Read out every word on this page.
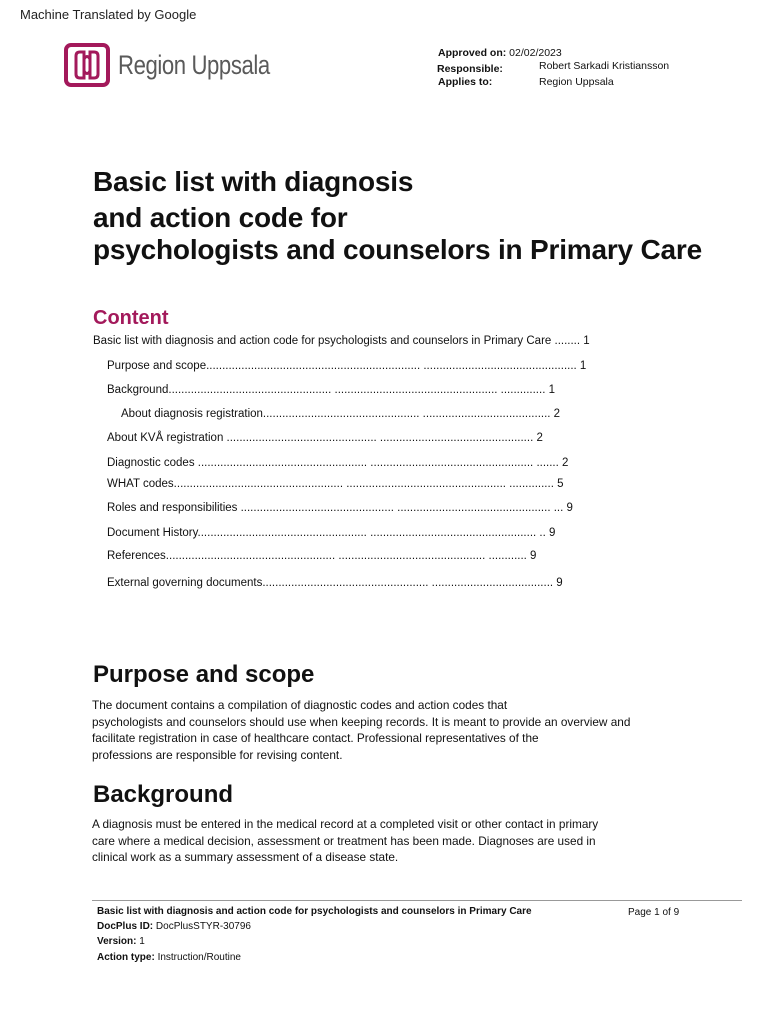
Machine Translated by Google
Region Uppsala	Approved on: 02/02/2023
Responsible:	Robert Sarkadi Kristiansson
Applies to:	Region Uppsala
Basic list with diagnosis
and action code for
psychologists and counselors in Primary Care
Content
Basic list with diagnosis and action code for psychologists and counselors in Primary Care ........ 1
Purpose and scope................................................................... ................................................ 1
Background................................................... ................................................... .............. 1
About diagnosis registration................................................. ........................................ 2
About KVÅ registration ............................................... ................................................ 2
Diagnostic codes ..................................................... ................................................... ....... 2
WHAT codes..................................................... .................................................. .............. 5
Roles and responsibilities ................................................ ................................................ ... 9
Document History..................................................... .................................................... .. 9
References..................................................... .............................................. ............ 9
External governing documents.................................................... ...................................... 9
Purpose and scope
The document contains a compilation of diagnostic codes and action codes that
psychologists and counselors should use when keeping records. It is meant to provide an overview and
facilitate registration in case of healthcare contact. Professional representatives of the
professions are responsible for revising content.
Background
A diagnosis must be entered in the medical record at a completed visit or other contact in primary
care where a medical decision, assessment or treatment has been made. Diagnoses are used in
clinical work as a summary assessment of a disease state.
Basic list with diagnosis and action code for psychologists and counselors in Primary Care	Page 1 of 9
DocPlus ID: DocPlusSTYR-30796
Version: 1
Action type: Instruction/Routine
